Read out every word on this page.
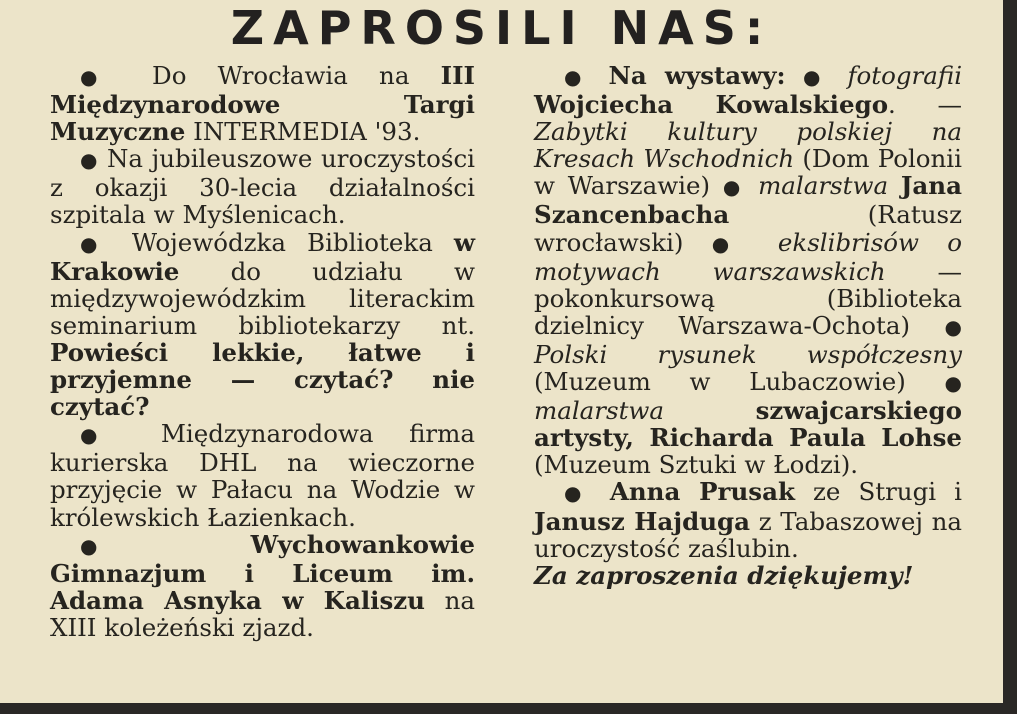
ZAPROSILI NAS:

● Do Wrocławia na III Międzynarodowe Targi Muzyczne INTERMEDIA '93.

● Na jubileuszowe uroczystości z okazji 30-lecia działalności szpitala w Myślenicach.

● Wojewódzka Biblioteka w Krakowie do udziału w międzywojewódzkim literackim seminarium bibliotekarzy nt. Powieści lekkie, łatwe i przyjemne — czytać? nie czytać?

● Międzynarodowa firma kurierska DHL na wieczorne przyjęcie w Pałacu na Wodzie w królewskich Łazienkach.

●	Wychowankowie Gimnazjum i Liceum im. Adama Asnyka w Kaliszu na XIII koleżeński zjazd.

● Na wystawy: ● fotografii Wojciecha Kowalskiego. — Zabytki kultury polskiej na Kresach Wschodnich (Dom Polonii w Warszawie) ● malarstwa Jana Szancenbacha (Ratusz wrocławski) ● ekslibrisów o motywach warszawskich — pokonkursową (Biblioteka dzielnicy Warszawa-Ochota) ● Polski rysunek współczesny (Muzeum w Lubaczowie) ● malarstwa	szwajcarskiego artysty, Richarda Paula Lohse (Muzeum Sztuki w Łodzi).

● Anna Prusak ze Strugi i Janusz Hajduga z Tabaszowej na uroczystość zaślubin.

Za zaproszenia dziękujemy!
